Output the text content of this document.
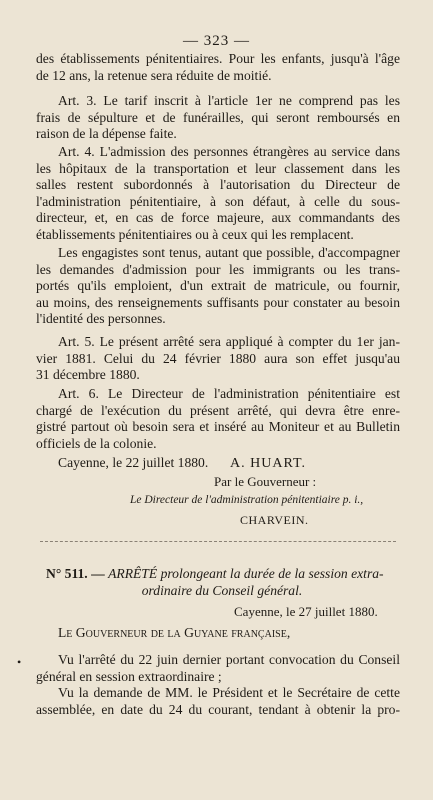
— 323 —
des établissements pénitentiaires. Pour les enfants, jusqu'à l'âge
de 12 ans, la retenue sera réduite de moitié.
Art. 3. Le tarif inscrit à l'article 1er ne comprend pas les
frais de sépulture et de funérailles, qui seront remboursés en
raison de la dépense faite.
Art. 4. L'admission des personnes étrangères au service dans
les hôpitaux de la transportation et leur classement dans les
salles restent subordonnés à l'autorisation du Directeur de
l'administration pénitentiaire, à son défaut, à celle du sous-
directeur, et, en cas de force majeure, aux commandants des
établissements pénitentiaires ou à ceux qui les remplacent.
Les engagistes sont tenus, autant que possible, d'accompagner
les demandes d'admission pour les immigrants ou les trans-
portés qu'ils emploient, d'un extrait de matricule, ou fournir,
au moins, des renseignements suffisants pour constater au besoin
l'identité des personnes.
Art. 5. Le présent arrêté sera appliqué à compter du 1er jan-
vier 1881. Celui du 24 février 1880 aura son effet jusqu'au
31 décembre 1880.
Art. 6. Le Directeur de l'administration pénitentiaire est
chargé de l'exécution du présent arrêté, qui devra être enre-
gistré partout où besoin sera et inséré au Moniteur et au Bulletin
officiels de la colonie.
Cayenne, le 22 juillet 1880.	A. HUART.
Par le Gouverneur :
Le Directeur de l'administration pénitentiaire p. i.,
CHARVEIN.
N° 511. — ARRÊTÉ prolongeant la durée de la session extra-
ordinaire du Conseil général.
Cayenne, le 27 juillet 1880.
Le Gouverneur de la Guyane française,
Vu l'arrêté du 22 juin dernier portant convocation du Conseil
général en session extraordinaire ;
Vu la demande de MM. le Président et le Secrétaire de cette
assemblée, en date du 24 du courant, tendant à obtenir la pro-
•
